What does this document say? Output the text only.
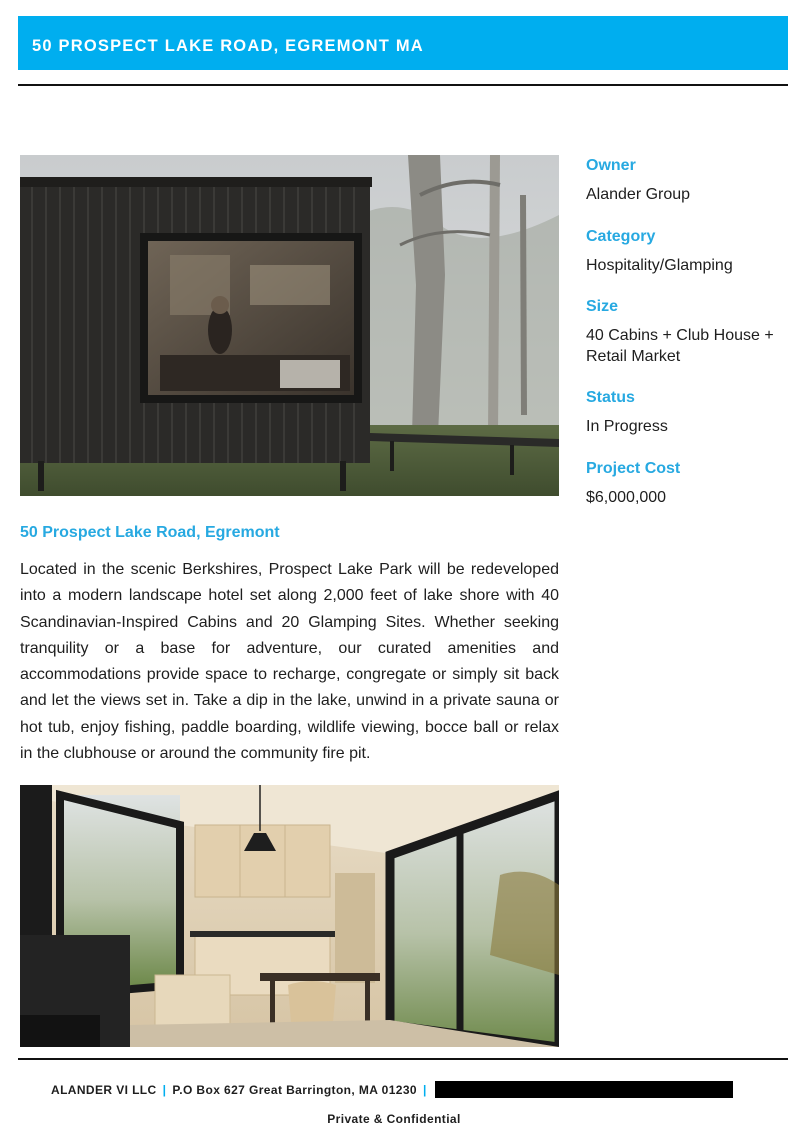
50 PROSPECT LAKE ROAD, EGREMONT MA
50 Prospect Lake Road, Egremont

Located in the scenic Berkshires, Prospect Lake Park will be redeveloped into a modern landscape hotel set along 2,000 feet of lake shore with 40 Scandinavian-Inspired Cabins and 20 Glamping Sites. Whether seeking tranquility or a base for adventure, our curated amenities and accommodations provide space to recharge, congregate or simply sit back and let the views set in. Take a dip in the lake, unwind in a private sauna or hot tub, enjoy fishing, paddle boarding, wildlife viewing, bocce ball or relax in the clubhouse or around the community fire pit.

Owner
Alander Group
Category
Hospitality/Glamping
Size
40 Cabins + Club House + Retail Market
Status
In Progress
Project Cost
$6,000,000
ALANDER VI LLC | P.O Box 627 Great Barrington, MA 01230 |
Private & Confidential
